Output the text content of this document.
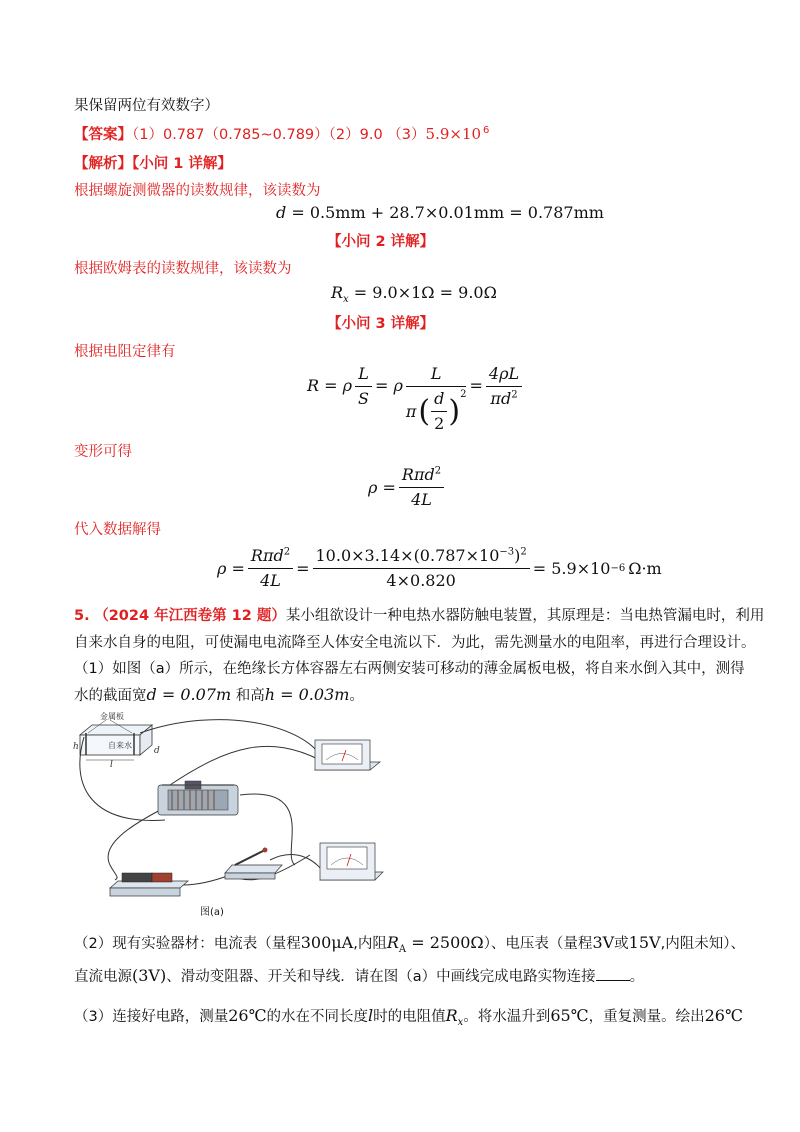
果保留两位有效数字）
【答案】（1）0.787（0.785~0.789）（2）9.0 （3）5.9×10 $^6$
【解析】【小问 1 详解】
根据螺旋测微器的读数规律，该读数为
d = 0.5mm + 28.7×0.01mm = 0.787mm
【小问 2 详解】
根据欧姆表的读数规律，该读数为
$R_x = 9.0\times 1\Omega = 9.0\Omega$
【小问 3 详解】
根据电阻定律有
R = ρ $\frac{L}{S} = \rho \frac{L}{\pi ( \frac{d}{2} ) 2} = \frac{4\rho L}{\pi d^2}$
变形可得
$\rho = \frac{R\pi d^2}{4L}$
代入数据解得
$\rho = \frac{R\pi d^2}{4L} = \frac{10.0\times 3.14\times(0.787\times 10^{-3})^2}{4\times 0.820} = 5.9\times 10 -6$ Ω·m
5. （2024 年江西卷第 12 题）某小组欲设计一种电热水器防触电装置，其原理是：当电热管漏电时，利用
自来水自身的电阻，可使漏电电流降至人体安全电流以下．为此，需先测量水的电阻率，再进行合理设计。
（1）如图（a）所示，在绝缘长方体容器左右两侧安装可移动的薄金属板电极，将自来水倒入其中，测得
水的截面宽d = 0.07m 和高h = 0.03m。
自来水
金属板
h
l
d
图(a)
（2）现有实验器材：电流表（量程300μA,内阻$R_A = 2500\Omega$）、电压表（量程3V或15V,内阻未知）、
直流电源(3V)、滑动变阻器、开关和导线．请在图（a）中画线完成电路实物连接 。
（3）连接好电路，测量26℃的水在不同长度l时的电阻值$R_x$。将水温升到65℃，重复测量。绘出26℃
